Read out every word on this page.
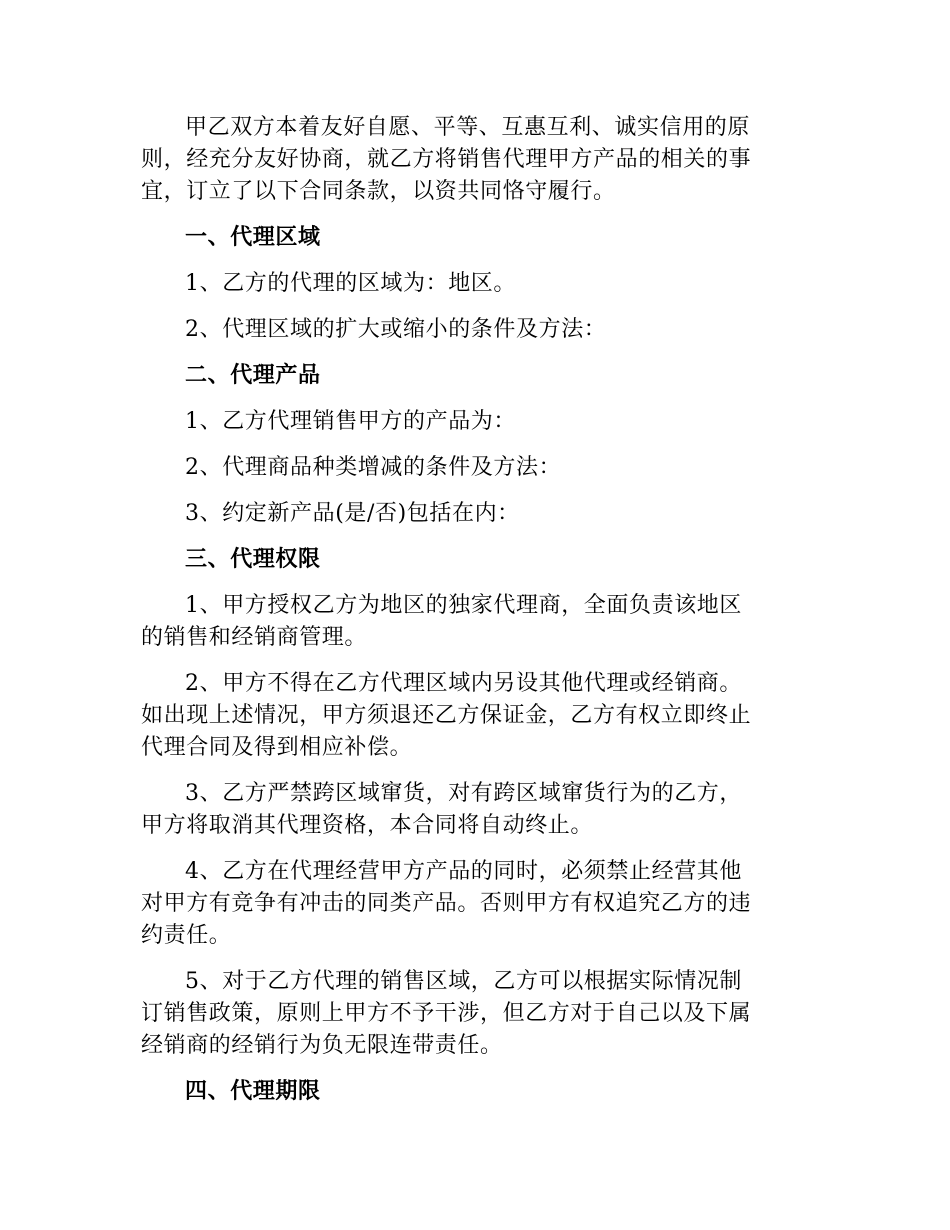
甲乙双方本着友好自愿、平等、互惠互利、诚实信用的原
则，经充分友好协商，就乙方将销售代理甲方产品的相关的事
宜，订立了以下合同条款，以资共同恪守履行。

一、代理区域

1、乙方的代理的区域为：地区。

2、代理区域的扩大或缩小的条件及方法：

二、代理产品

1、乙方代理销售甲方的产品为：

2、代理商品种类增减的条件及方法：

3、约定新产品(是/否)包括在内：

三、代理权限

1、甲方授权乙方为地区的独家代理商，全面负责该地区
的销售和经销商管理。

2、甲方不得在乙方代理区域内另设其他代理或经销商。
如出现上述情况，甲方须退还乙方保证金，乙方有权立即终止
代理合同及得到相应补偿。

3、乙方严禁跨区域窜货，对有跨区域窜货行为的乙方，
甲方将取消其代理资格，本合同将自动终止。

4、乙方在代理经营甲方产品的同时，必须禁止经营其他
对甲方有竞争有冲击的同类产品。否则甲方有权追究乙方的违
约责任。

5、对于乙方代理的销售区域，乙方可以根据实际情况制
订销售政策，原则上甲方不予干涉，但乙方对于自己以及下属
经销商的经销行为负无限连带责任。

四、代理期限
